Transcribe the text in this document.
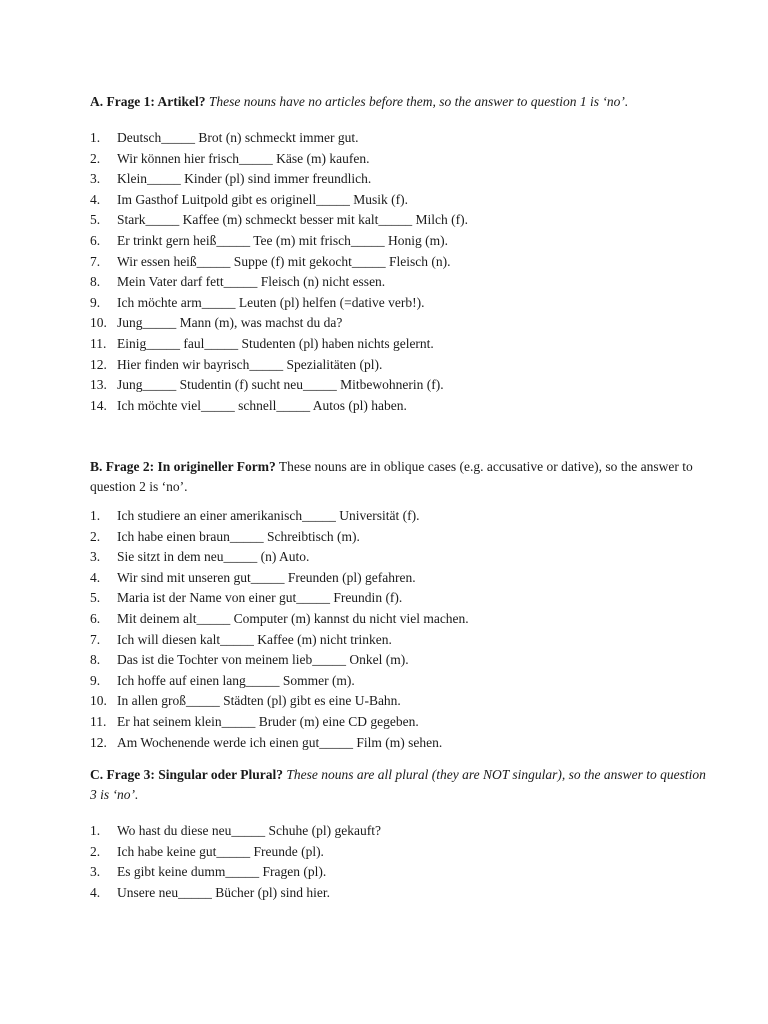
A. Frage 1: Artikel? These nouns have no articles before them, so the answer to question 1 is ‘no’.

1. Deutsch_____ Brot (n) schmeckt immer gut.
2. Wir können hier frisch_____ Käse (m) kaufen.
3. Klein_____ Kinder (pl) sind immer freundlich.
4. Im Gasthof Luitpold gibt es originell_____ Musik (f).
5. Stark_____ Kaffee (m) schmeckt besser mit kalt_____ Milch (f).
6. Er trinkt gern heiß_____ Tee (m) mit frisch_____ Honig (m).
7. Wir essen heiß_____ Suppe (f) mit gekocht_____ Fleisch (n).
8. Mein Vater darf fett_____ Fleisch (n) nicht essen.
9. Ich möchte arm_____ Leuten (pl) helfen (=dative verb!).
10. Jung_____ Mann (m), was machst du da?
11. Einig_____ faul_____ Studenten (pl) haben nichts gelernt.
12. Hier finden wir bayrisch_____ Spezialitäten (pl).
13. Jung_____ Studentin (f) sucht neu_____ Mitbewohnerin (f).
14. Ich möchte viel_____ schnell_____ Autos (pl) haben.

B. Frage 2: In origineller Form? These nouns are in oblique cases (e.g. accusative or dative), so the answer to question 2 is ‘no’.

1. Ich studiere an einer amerikanisch_____ Universität (f).
2. Ich habe einen braun_____ Schreibtisch (m).
3. Sie sitzt in dem neu_____ (n) Auto.
4. Wir sind mit unseren gut_____ Freunden (pl) gefahren.
5. Maria ist der Name von einer gut_____ Freundin (f).
6. Mit deinem alt_____ Computer (m) kannst du nicht viel machen.
7. Ich will diesen kalt_____ Kaffee (m) nicht trinken.
8. Das ist die Tochter von meinem lieb_____ Onkel (m).
9. Ich hoffe auf einen lang_____ Sommer (m).
10. In allen groß_____ Städten (pl) gibt es eine U-Bahn.
11. Er hat seinem klein_____ Bruder (m) eine CD gegeben.
12. Am Wochenende werde ich einen gut_____ Film (m) sehen.

C. Frage 3: Singular oder Plural? These nouns are all plural (they are NOT singular), so the answer to question 3 is ‘no’.

1. Wo hast du diese neu_____ Schuhe (pl) gekauft?
2. Ich habe keine gut_____ Freunde (pl).
3. Es gibt keine dumm_____ Fragen (pl).
4. Unsere neu_____ Bücher (pl) sind hier.
